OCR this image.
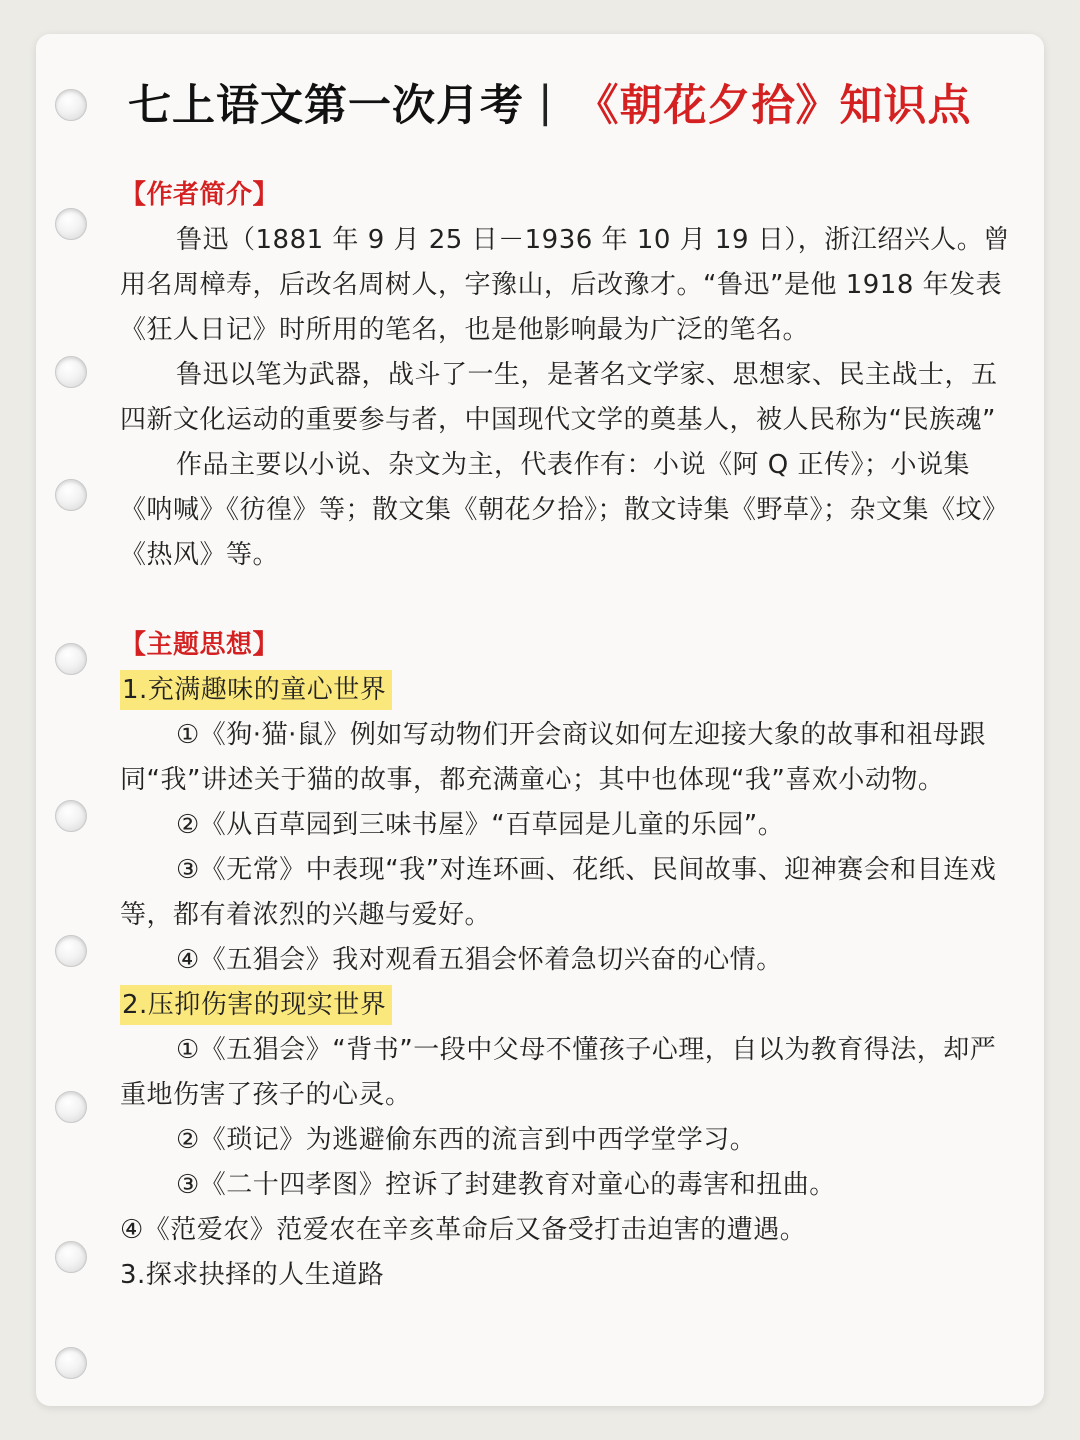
七上语文第一次月考 | 《朝花夕拾》知识点

【作者简介】

鲁迅（1881 年 9 月 25 日－1936 年 10 月 19 日），浙江绍兴人。曾用名周樟寿，后改名周树人，字豫山，后改豫才。“鲁迅”是他 1918 年发表《狂人日记》时所用的笔名，也是他影响最为广泛的笔名。

鲁迅以笔为武器，战斗了一生，是著名文学家、思想家、民主战士，五四新文化运动的重要参与者，中国现代文学的奠基人，被人民称为“民族魂”

作品主要以小说、杂文为主，代表作有：小说《阿 Q 正传》；小说集《呐喊》《彷徨》等；散文集《朝花夕拾》；散文诗集《野草》；杂文集《坟》《热风》等。

【主题思想】

1.充满趣味的童心世界

①《狗·猫·鼠》例如写动物们开会商议如何左迎接大象的故事和祖母跟同“我”讲述关于猫的故事，都充满童心；其中也体现“我”喜欢小动物。

②《从百草园到三味书屋》“百草园是儿童的乐园”。

③《无常》中表现“我”对连环画、花纸、民间故事、迎神赛会和目连戏等，都有着浓烈的兴趣与爱好。

④《五猖会》我对观看五猖会怀着急切兴奋的心情。

2.压抑伤害的现实世界

①《五猖会》“背书”一段中父母不懂孩子心理，自以为教育得法，却严重地伤害了孩子的心灵。

②《琐记》为逃避偷东西的流言到中西学堂学习。

③《二十四孝图》控诉了封建教育对童心的毒害和扭曲。

④《范爱农》范爱农在辛亥革命后又备受打击迫害的遭遇。

3.探求抉择的人生道路
